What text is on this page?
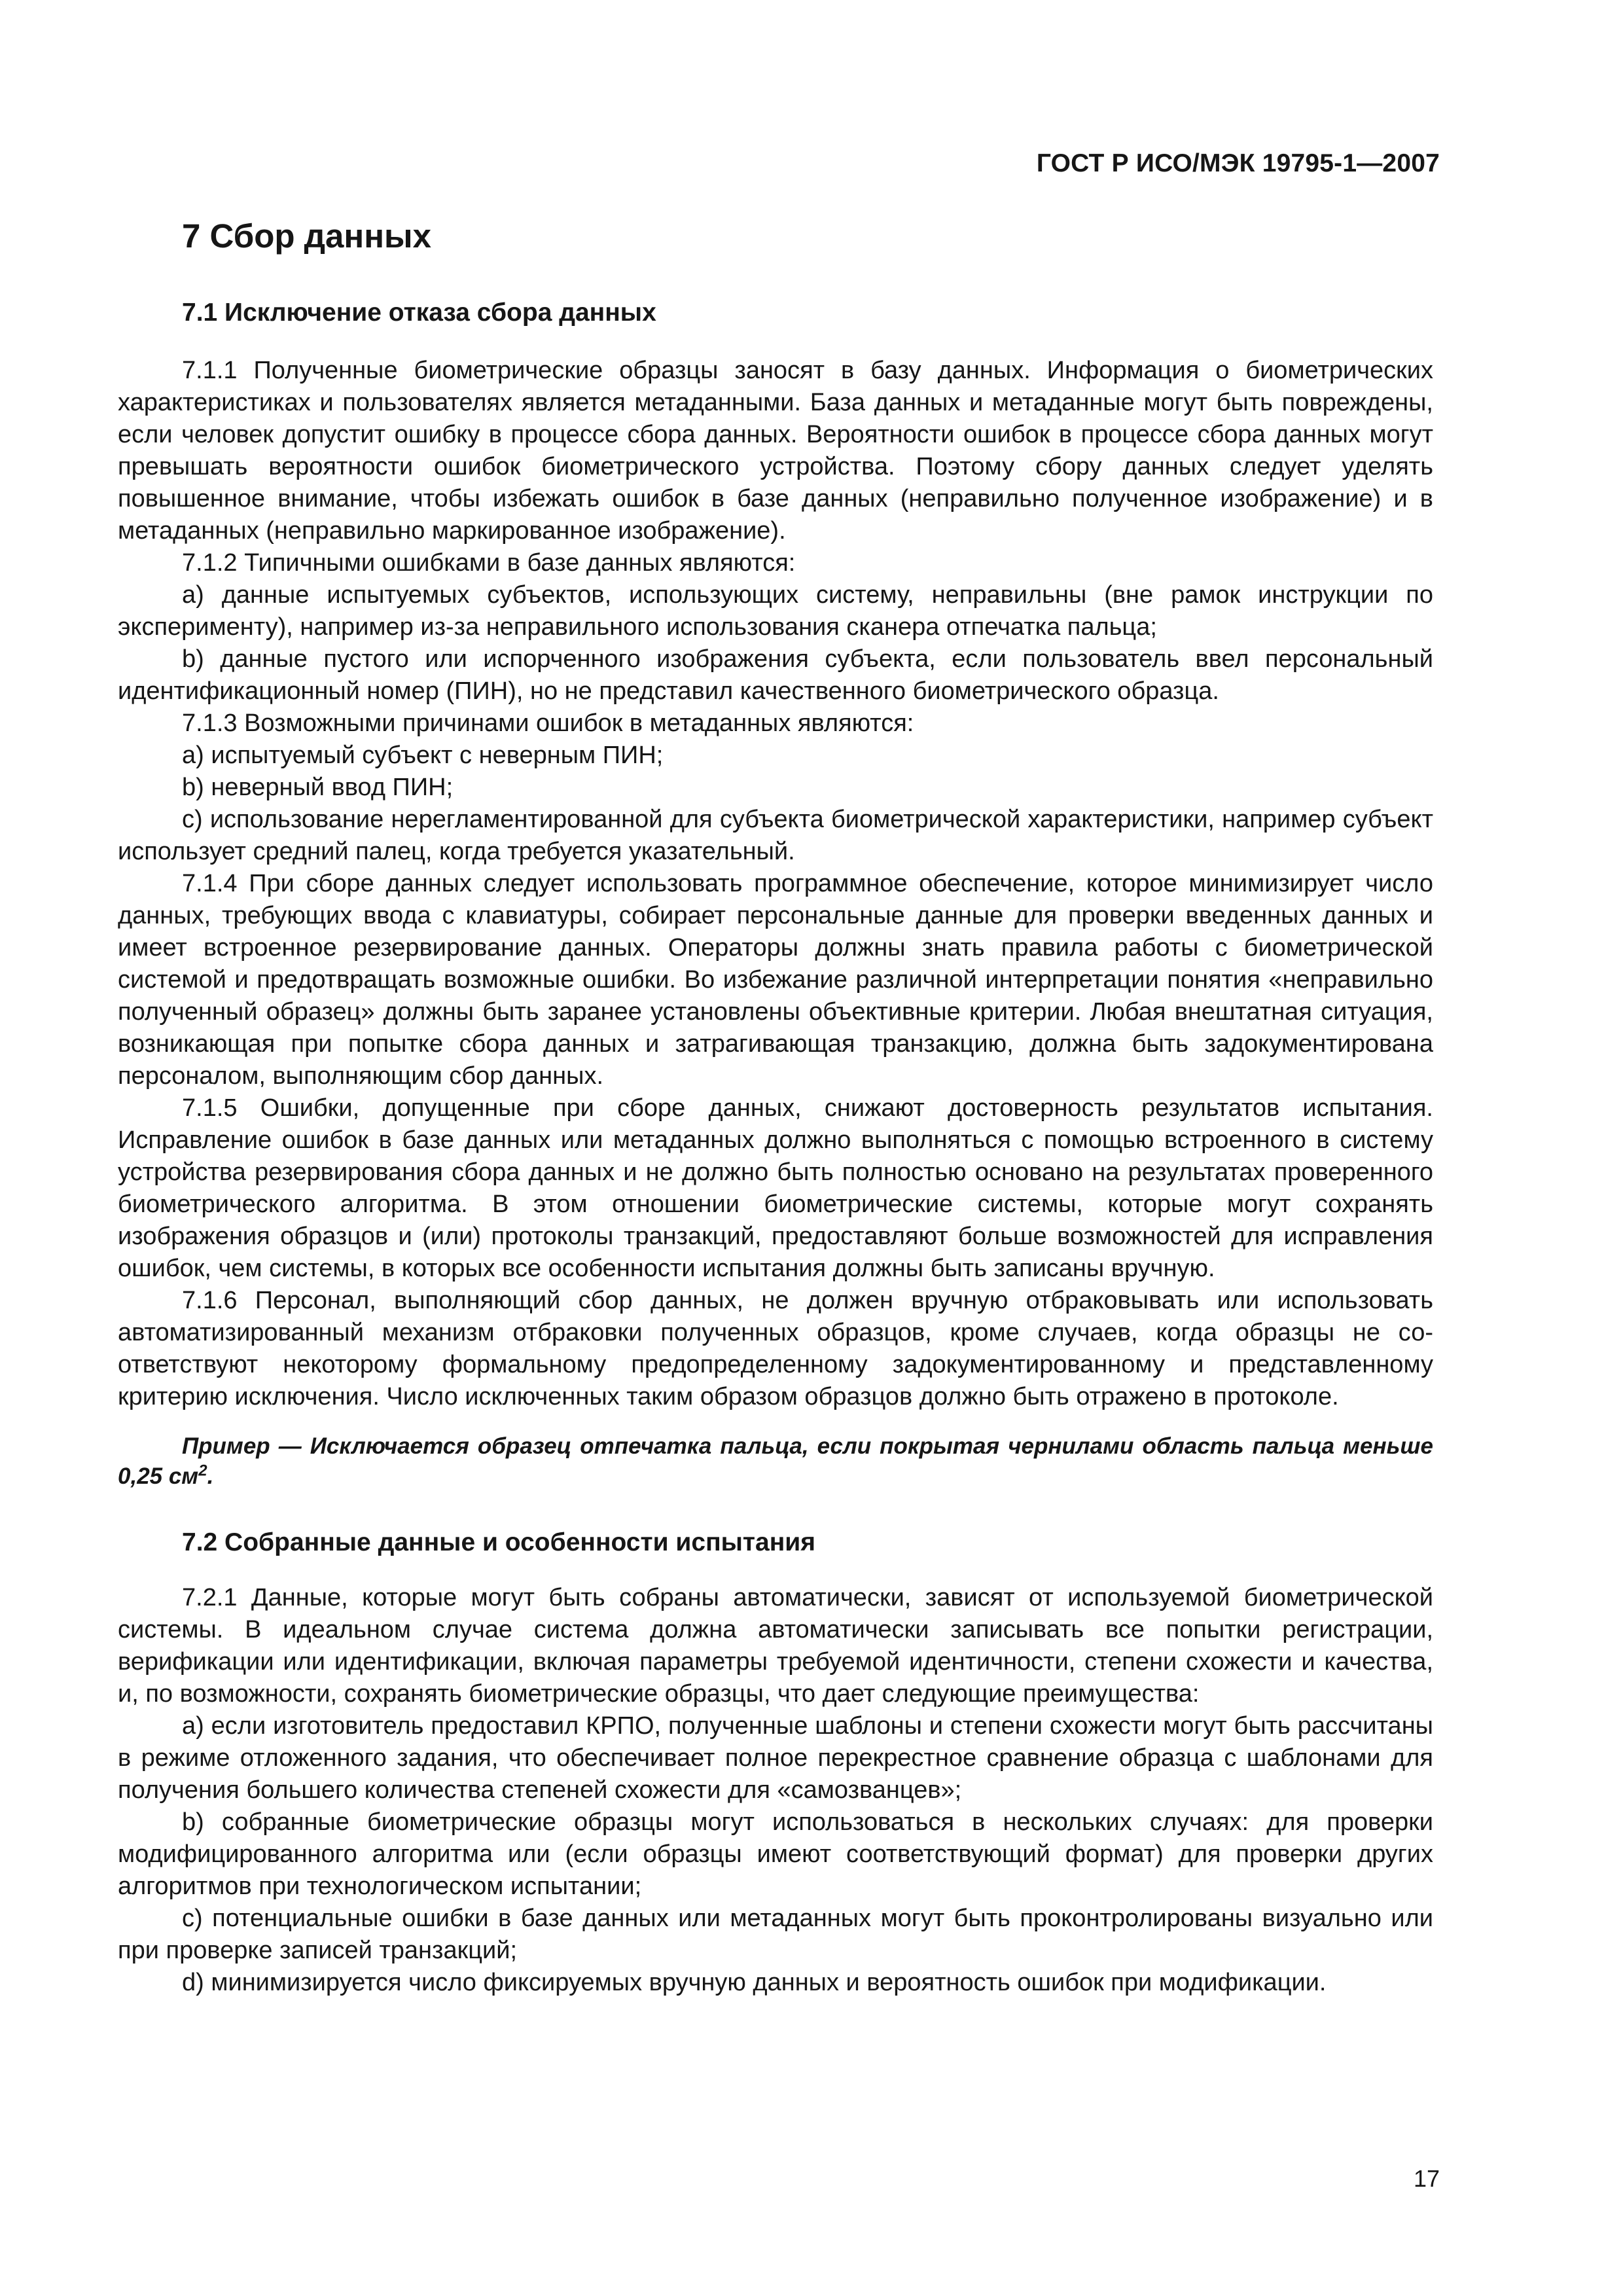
ГОСТ Р ИСО/МЭК 19795-1—2007
7 Сбор данных
7.1 Исключение отказа сбора данных

7.1.1 Полученные биометрические образцы заносят в базу данных. Информация о биометрических характеристиках и пользователях является метаданными. База данных и метаданные могут быть повреждены, если человек допустит ошибку в процессе сбора данных. Вероятности ошибок в процессе сбора данных могут превышать вероятности ошибок биометрического устройства. Поэтому сбору данных следует уделять повышенное внимание, чтобы избежать ошибок в базе данных (неправильно полученное изображение) и в метаданных (неправильно маркированное изображение).

7.1.2 Типичными ошибками в базе данных являются:

а) данные испытуемых субъектов, использующих систему, неправильны (вне рамок инструкции по эксперименту), например из-за неправильного использования сканера отпечатка пальца;

b) данные пустого или испорченного изображения субъекта, если пользователь ввел персональный идентификационный номер (ПИН), но не представил качественного биометрического образца.

7.1.3 Возможными причинами ошибок в метаданных являются:

а) испытуемый субъект с неверным ПИН;

b) неверный ввод ПИН;

с) использование нерегламентированной для субъекта биометрической характеристики, например субъект использует средний палец, когда требуется указательный.

7.1.4 При сборе данных следует использовать программное обеспечение, которое минимизирует число данных, требующих ввода с клавиатуры, собирает персональные данные для проверки введенных данных и имеет встроенное резервирование данных. Операторы должны знать правила работы с биометрической системой и предотвращать возможные ошибки. Во избежание различной интерпретации понятия «неправильно полученный образец» должны быть заранее установлены объективные критерии. Любая внештатная ситуация, возникающая при попытке сбора данных и затрагивающая транзакцию, должна быть задокументирована персоналом, выполняющим сбор данных.

7.1.5 Ошибки, допущенные при сборе данных, снижают достоверность результатов испытания. Исправление ошибок в базе данных или метаданных должно выполняться с помощью встроенного в систему устройства резервирования сбора данных и не должно быть полностью основано на результатах проверенного биометрического алгоритма. В этом отношении биометрические системы, которые могут сохранять изображения образцов и (или) протоколы транзакций, предоставляют больше возможностей для исправления ошибок, чем системы, в которых все особенности испытания должны быть записаны вручную.

7.1.6 Персонал, выполняющий сбор данных, не должен вручную отбраковывать или использовать автоматизированный механизм отбраковки полученных образцов, кроме случаев, когда образцы не соответствуют некоторому формальному предопределенному задокументированному и представленному критерию исключения. Число исключенных таким образом образцов должно быть отражено в протоколе.

Пример — Исключается образец отпечатка пальца, если покрытая чернилами область пальца меньше 0,25 $см^2$.

7.2 Собранные данные и особенности испытания

7.2.1 Данные, которые могут быть собраны автоматически, зависят от используемой биометрической системы. В идеальном случае система должна автоматически записывать все попытки регистрации, верификации или идентификации, включая параметры требуемой идентичности, степени схожести и качества, и, по возможности, сохранять биометрические образцы, что дает следующие преимущества:

а) если изготовитель предоставил КРПО, полученные шаблоны и степени схожести могут быть рассчитаны в режиме отложенного задания, что обеспечивает полное перекрестное сравнение образца с шаблонами для получения большего количества степеней схожести для «самозванцев»;

b) собранные биометрические образцы могут использоваться в нескольких случаях: для проверки модифицированного алгоритма или (если образцы имеют соответствующий формат) для проверки других алгоритмов при технологическом испытании;

с) потенциальные ошибки в базе данных или метаданных могут быть проконтролированы визуально или при проверке записей транзакций;

d) минимизируется число фиксируемых вручную данных и вероятность ошибок при модификации.

17
